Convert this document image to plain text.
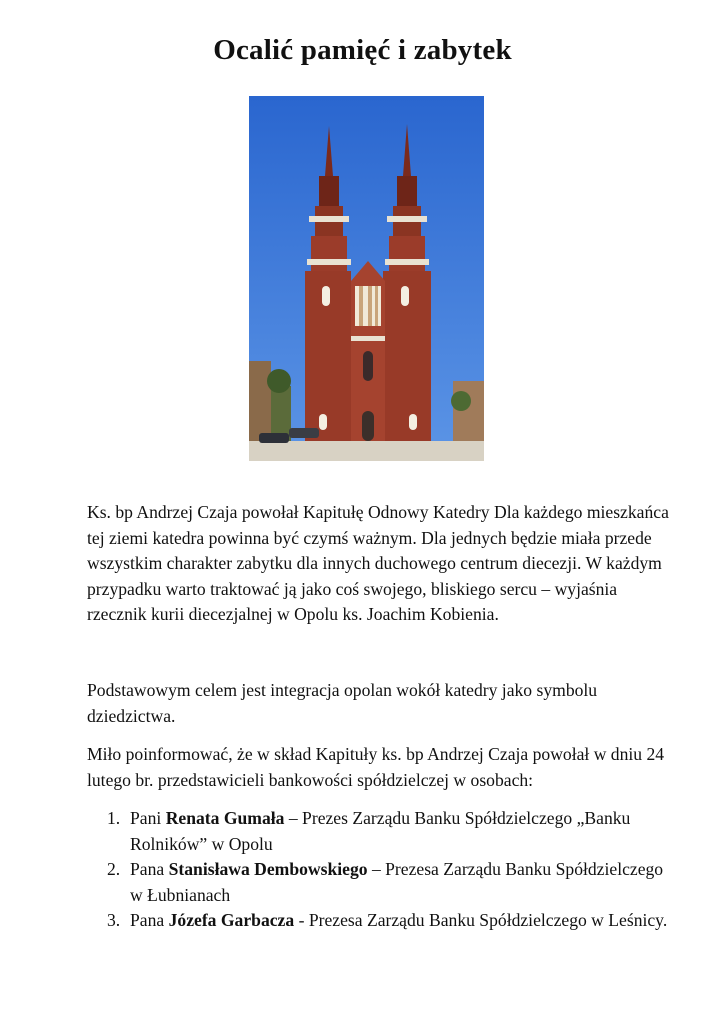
Ocalić pamięć i zabytek

Ks. bp Andrzej Czaja powołał Kapitułę Odnowy Katedry Dla każdego mieszkańca tej ziemi katedra powinna być czymś ważnym. Dla jednych będzie miała przede wszystkim charakter zabytku dla innych duchowego centrum diecezji. W każdym przypadku warto traktować ją jako coś swojego, bliskiego sercu – wyjaśnia rzecznik kurii diecezjalnej w Opolu ks. Joachim Kobienia.

Podstawowym celem jest integracja opolan wokół katedry jako symbolu dziedzictwa.

Miło poinformować, że w skład Kapituły ks. bp Andrzej Czaja powołał w dniu 24 lutego br. przedstawicieli bankowości spółdzielczej w osobach:

1. Pani Renata Gumała – Prezes Zarządu Banku Spółdzielczego „Banku Rolników” w Opolu
2. Pana Stanisława Dembowskiego – Prezesa Zarządu Banku Spółdzielczego w Łubnianach
3. Pana Józefa Garbacza - Prezesa Zarządu Banku Spółdzielczego w Leśnicy.
